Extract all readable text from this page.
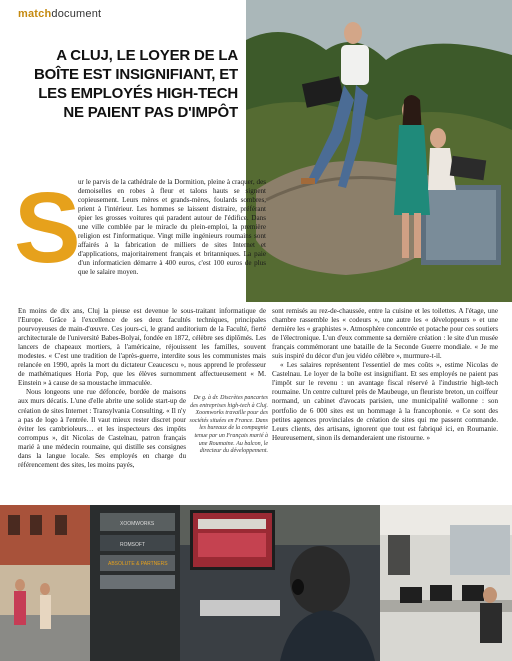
matchdocument
A CLUJ, LE LOYER DE LA BOÎTE EST INSIGNIFIANT, ET LES EMPLOYÉS HIGH-TECH NE PAIENT PAS D'IMPÔT
S
ur le parvis de la cathédrale de la Dormition, pleine à craquer, des demoiselles en robes à fleur et talons hauts se signent copieusement. Leurs mères et grands-mères, foulards sombres, prient à l'intérieur. Les hommes se laissent distraire, préférant épier les grosses voitures qui paradent autour de l'édifice. Dans une ville comblée par le miracle du plein-emploi, la première religion est l'informatique. Vingt mille ingénieurs roumains sont affairés à la fabrication de milliers de sites Internet et d'applications, majoritairement français et britanniques. La paie d'un informaticien démarre à 400 euros, c'est 100 euros de plus que le salaire moyen.

En moins de dix ans, Cluj la pieuse est devenue le sous-traitant informatique de l'Europe. Grâce à l'excellence de ses deux facultés techniques, principales pourvoyeuses de main-d'œuvre. Ces jours-ci, le grand auditorium de la Faculté, fierté architecturale de l'université Babes-Bolyai, fondée en 1872, célèbre ses diplômés. Les lancers de chapeaux mortiers, à l'américaine, réjouissent les familles, souvent modestes. « C'est une tradition de l'après-guerre, interdite sous les communistes mais relancée en 1990, après la mort du dictateur Ceaucescu », nous apprend le professeur de mathématiques Horia Pop, que les élèves surnomment affectueusement « M. Einstein » à cause de sa moustache immaculée.

Nous longeons une rue défoncée, bordée de maisons aux murs décatis. L'une d'elle abrite une solide start-up de création de sites Internet : Transylvania Consulting. « Il n'y a pas de logo à l'entrée. Il vaut mieux rester discret pour éviter les cambrioleurs… et les inspecteurs des impôts corrompus », dit Nicolas de Castelnau, patron français marié à une médecin roumaine, qui distille ses consignes dans la langue locale. Ses employés en charge du référencement des sites, les moins payés,

De g. à dr. Discrètes pancartes des entreprises high-tech à Cluj. Xoomworks travaille pour des sociétés situées en France. Dans les bureaux de la compagnie tenue par un Français marié à une Roumaine. Au balcon, le directeur du développement.

sont remisés au rez-de-chaussée, entre la cuisine et les toilettes. A l'étage, une chambre rassemble les « codeurs », une autre les « développeurs » et une dernière les « graphistes ». Atmosphère concentrée et potache pour ces soutiers de l'électronique. L'un d'eux commente sa dernière création : le site d'un musée français commémorant une bataille de la Seconde Guerre mondiale. « Je me suis inspiré du décor d'un jeu vidéo célèbre », murmure-t-il.

« Les salaires représentent l'essentiel de mes coûts », estime Nicolas de Castelnau. Le loyer de la boîte est insignifiant. Et ses employés ne paient pas l'impôt sur le revenu : un avantage fiscal réservé à l'industrie high-tech roumaine. Un centre culturel près de Maubeuge, un fleuriste breton, un coiffeur normand, un cabinet d'avocats parisien, une municipalité wallonne : son portfolio de 6 000 sites est un hommage à la francophonie. « Ce sont des petites agences provinciales de création de sites qui me passent commande. Leurs clients, des artisans, ignorent que tout est fabriqué ici, en Roumanie. Heureusement, sinon ils demanderaient une ristourne. »

XOOMWORKS
ROMSOFT
ABSOLUTE & PARTNERS
